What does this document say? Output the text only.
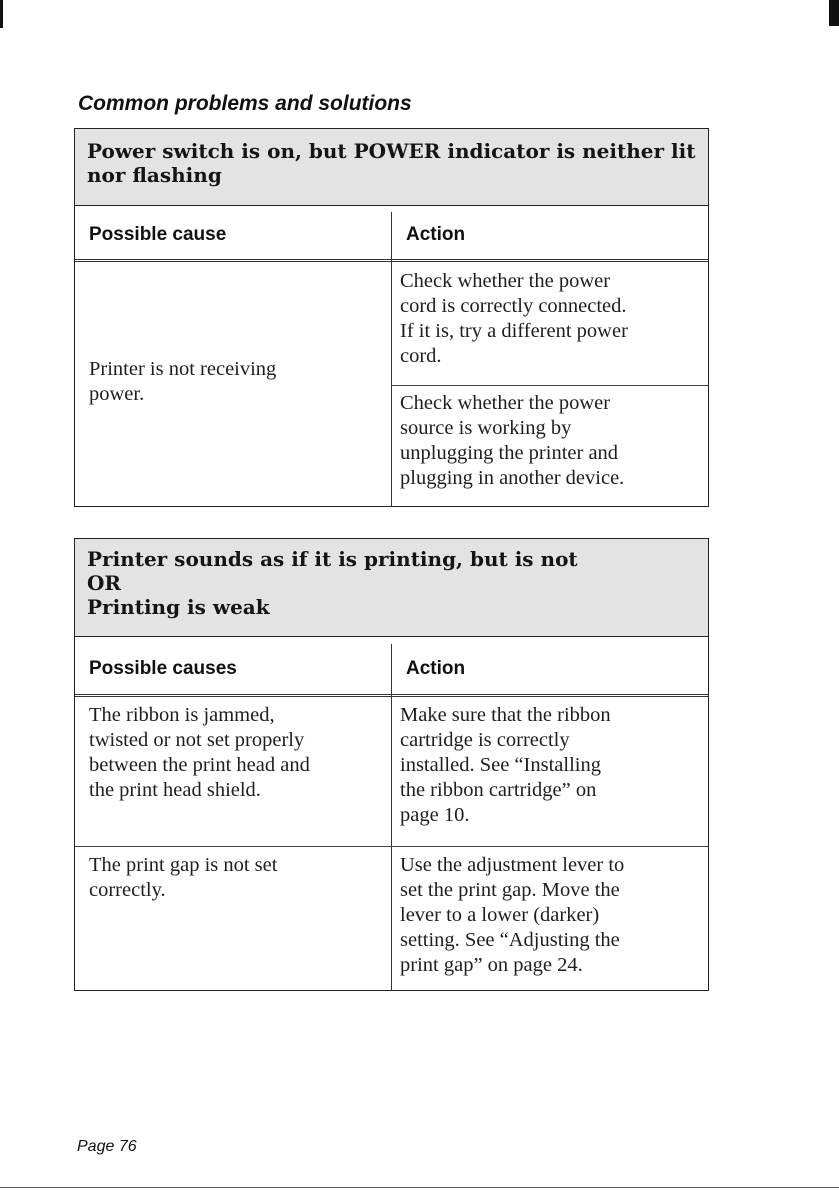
Common problems and solutions
Power switch is on, but POWER indicator is neither lit
nor flashing
Possible cause	Action
Printer is not receiving
power.
Check whether the power
cord is correctly connected.
If it is, try a different power
cord.
Check whether the power
source is working by
unplugging the printer and
plugging in another device.
Printer sounds as if it is printing, but is not
OR
Printing is weak
Possible causes	Action
The ribbon is jammed,
twisted or not set properly
between the print head and
the print head shield.
Make sure that the ribbon
cartridge is correctly
installed. See “Installing
the ribbon cartridge” on
page 10.
The print gap is not set
correctly.
Use the adjustment lever to
set the print gap. Move the
lever to a lower (darker)
setting. See “Adjusting the
print gap” on page 24.
Page 76
